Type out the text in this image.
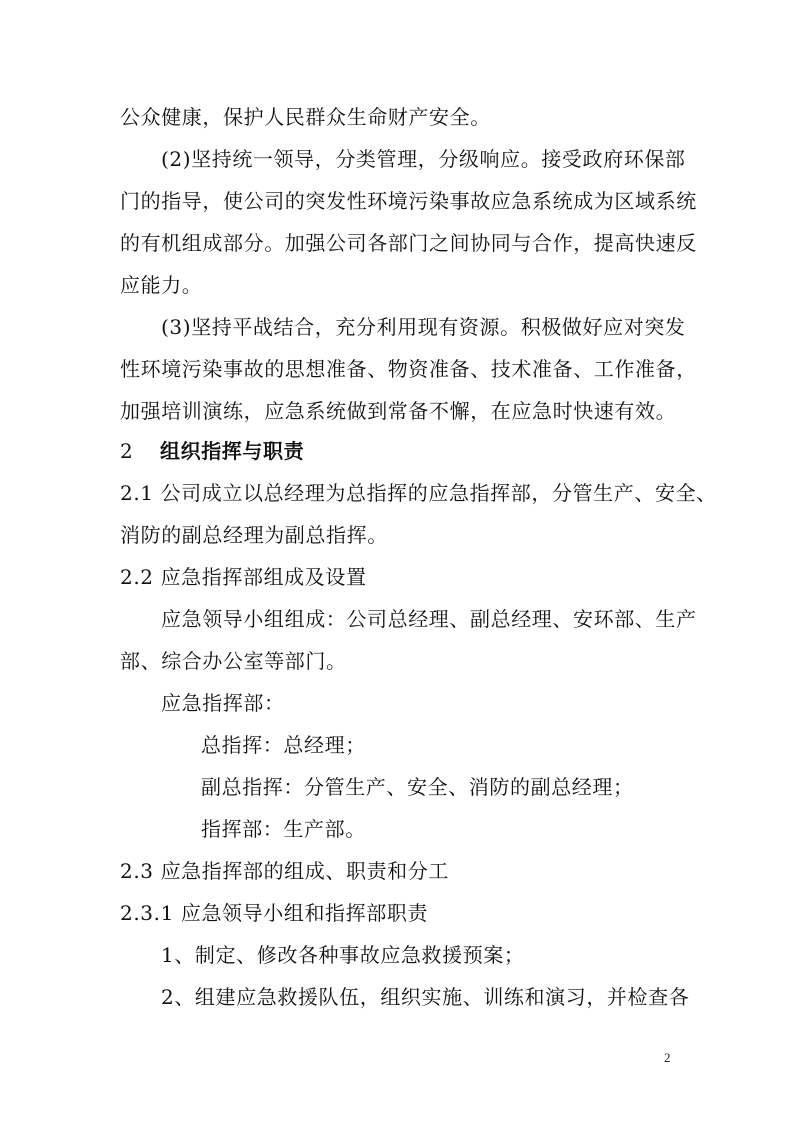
公众健康，保护人民群众生命财产安全。
(2)坚持统一领导，分类管理，分级响应。接受政府环保部
门的指导，使公司的突发性环境污染事故应急系统成为区域系统
的有机组成部分。加强公司各部门之间协同与合作，提高快速反
应能力。
(3)坚持平战结合，充分利用现有资源。积极做好应对突发
性环境污染事故的思想准备、物资准备、技术准备、工作准备，
加强培训演练，应急系统做到常备不懈，在应急时快速有效。
2 组织指挥与职责
2.1 公司成立以总经理为总指挥的应急指挥部，分管生产、安全、
消防的副总经理为副总指挥。
2.2 应急指挥部组成及设置
应急领导小组组成：公司总经理、副总经理、安环部、生产
部、综合办公室等部门。
应急指挥部：
总指挥：总经理；
副总指挥：分管生产、安全、消防的副总经理；
指挥部：生产部。
2.3 应急指挥部的组成、职责和分工
2.3.1 应急领导小组和指挥部职责
1、制定、修改各种事故应急救援预案；
2、组建应急救援队伍，组织实施、训练和演习，并检查各
2
